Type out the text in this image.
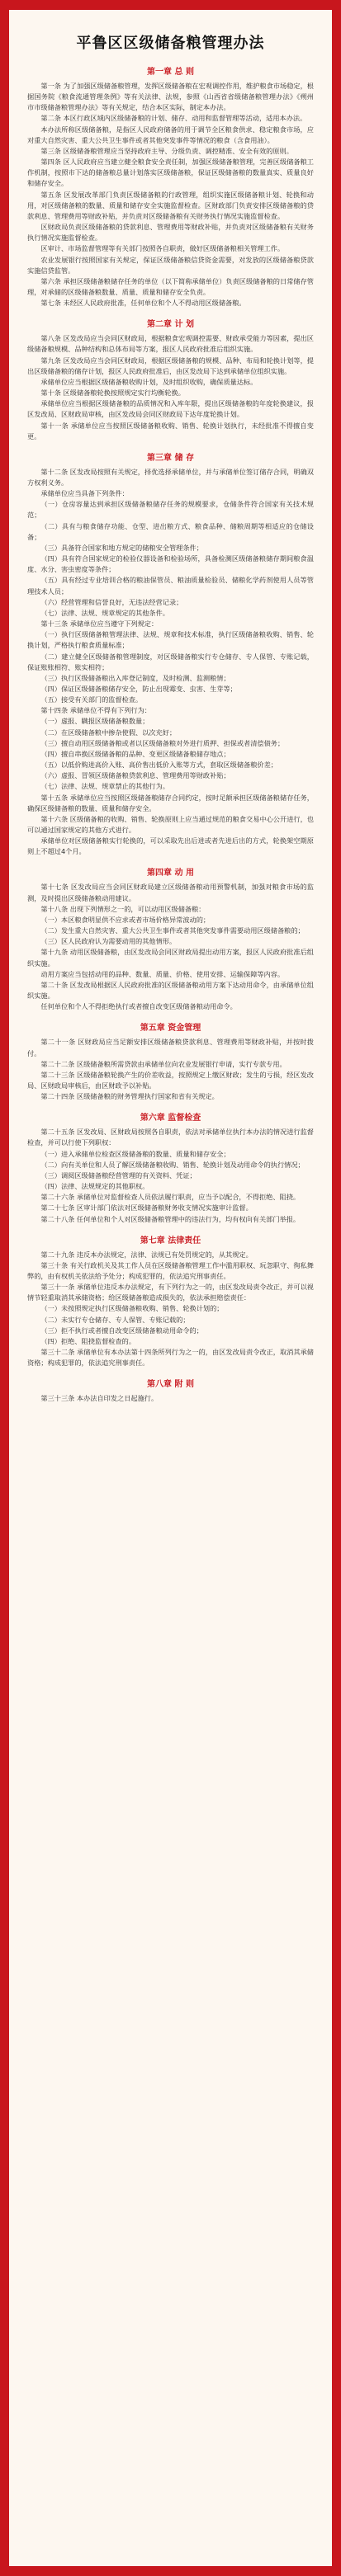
平鲁区区级储备粮管理办法
第一章 总 则

第一条 为了加强区级储备粮管理，发挥区级储备粮在宏观调控作用，维护粮食市场稳定，根据国务院《粮食流通管理条例》等有关法律、法规，参照《山西省省级储备粮管理办法》《朔州市市级储备粮管理办法》等有关规定，结合本区实际，制定本办法。

第二条 本区行政区域内区级储备粮的计划、储存、动用和监督管理等活动，适用本办法。

本办法所称区级储备粮，是指区人民政府储备的用于调节全区粮食供求、稳定粮食市场，应对重大自然灾害、重大公共卫生事件或者其他突发事件等情况的粮食（含食用油）。

第三条 区级储备粮管理应当坚持政府主导、分级负责、调控精准、安全有效的原则。

第四条 区人民政府应当建立健全粮食安全责任制，加强区级储备粮管理，完善区级储备粮工作机制，按照市下达的储备粮总量计划落实区级储备粮，保证区级储备粮的数量真实、质量良好和储存安全。

第五条 区发展改革部门负责区级储备粮的行政管理，组织实施区级储备粮计划、轮换和动用，对区级储备粮的数量、质量和储存安全实施监督检查。区财政部门负责安排区级储备粮的贷款利息、管理费用等财政补贴，并负责对区级储备粮有关财务执行情况实施监督检查。

区财政局负责区级储备粮的贷款利息、管理费用等财政补贴，并负责对区级储备粮有关财务执行情况实施监督检查。

区审计、市场监督管理等有关部门按照各自职责，做好区级储备粮相关管理工作。

农业发展银行按照国家有关规定，保证区级储备粮信贷资金需要，对发放的区级储备粮贷款实施信贷监管。

第六条 承担区级储备粮储存任务的单位（以下简称承储单位）负责区级储备粮的日常储存管理，对承储的区级储备粮数量、质量、质量和储存安全负责。

第七条 未经区人民政府批准，任何单位和个人不得动用区级储备粮。

第二章 计 划

第八条 区发改局应当会同区财政局，根据粮食宏观调控需要、财政承受能力等因素，提出区级储备粮规模、品种结构和总体布局等方案，报区人民政府批准后组织实施。

第九条 区发改局应当会同区财政局，根据区级储备粮的规模、品种、布局和轮换计划等，提出区级储备粮的储存计划，报区人民政府批准后，由区发改局下达到承储单位组织实施。

承储单位应当根据区级储备粮收购计划，及时组织收购，确保质量达标。

第十条 区级储备粮轮换按照规定实行均衡轮换。

承储单位应当根据区级储备粮的品质情况和入库年限，提出区级储备粮的年度轮换建议，报区发改局、区财政局审核，由区发改局会同区财政局下达年度轮换计划。

第十一条 承储单位应当按照区级储备粮收购、销售、轮换计划执行，未经批准不得擅自变更。

第三章 储 存

第十二条 区发改局按照有关规定，择优选择承储单位，并与承储单位签订储存合同，明确双方权利义务。

承储单位应当具备下列条件：

（一）仓房容量达到承担区级储备粮储存任务的规模要求，仓储条件符合国家有关技术规范；

（二）具有与粮食储存功能、仓型、进出粮方式、粮食品种、储粮周期等相适应的仓储设备；

（三）具备符合国家和地方规定的储粮安全管理条件；

（四）具有符合国家规定的检验仪器设备和检验场所，具备检测区级储备粮储存期间粮食温度、水分、害虫密度等条件；

（五）具有经过专业培训合格的粮油保管员、粮油质量检验员、储粮化学药剂使用人员等管理技术人员；

（六）经营管理和信誉良好，无违法经营记录；

（七）法律、法规、规章规定的其他条件。

第十三条 承储单位应当遵守下列规定：

（一）执行区级储备粮管理法律、法规、规章和技术标准，执行区级储备粮收购、销售、轮换计划，严格执行粮食质量标准；

（二）建立健全区级储备粮管理制度，对区级储备粮实行专仓储存、专人保管、专账记载，保证账账相符、账实相符；

（三）执行区级储备粮出入库登记制度，及时检测、监测粮情；

（四）保证区级储备粮储存安全，防止出现霉变、虫害、生芽等；

（五）接受有关部门的监督检查。

第十四条 承储单位不得有下列行为：

（一）虚报、瞒报区级储备粮数量；

（二）在区级储备粮中掺杂使假、以次充好；

（三）擅自动用区级储备粮或者以区级储备粮对外进行质押、担保或者清偿债务；

（四）擅自串换区级储备粮的品种、变更区级储备粮储存地点；

（五）以低价购进高价入账、高价售出低价入账等方式，套取区级储备粮价差；

（六）虚报、冒领区级储备粮贷款利息、管理费用等财政补贴；

（七）法律、法规、规章禁止的其他行为。

第十五条 承储单位应当按照区级储备粮储存合同约定，按时足额承担区级储备粮储存任务，确保区级储备粮的数量、质量和储存安全。

第十六条 区级储备粮的收购、销售、轮换原则上应当通过规范的粮食交易中心公开进行，也可以通过国家规定的其他方式进行。

承储单位对区级储备粮实行轮换的，可以采取先出后进或者先进后出的方式，轮换架空期原则上不超过4个月。

第四章 动 用

第十七条 区发改局应当会同区财政局建立区级储备粮动用预警机制，加强对粮食市场的监测，及时提出区级储备粮动用建议。

第十八条 出现下列情形之一的，可以动用区级储备粮：

（一）本区粮食明显供不应求或者市场价格异常波动的；

（二）发生重大自然灾害、重大公共卫生事件或者其他突发事件需要动用区级储备粮的；

（三）区人民政府认为需要动用的其他情形。

第十九条 动用区级储备粮，由区发改局会同区财政局提出动用方案，报区人民政府批准后组织实施。

动用方案应当包括动用的品种、数量、质量、价格、使用安排、运输保障等内容。

第二十条 区发改局根据区人民政府批准的区级储备粮动用方案下达动用命令，由承储单位组织实施。

任何单位和个人不得拒绝执行或者擅自改变区级储备粮动用命令。

第五章 资金管理

第二十一条 区财政局应当足额安排区级储备粮贷款利息、管理费用等财政补贴，并按时拨付。

第二十二条 区级储备粮所需贷款由承储单位向农业发展银行申请，实行专款专用。

第二十三条 区级储备粮轮换产生的价差收益，按照规定上缴区财政；发生的亏损，经区发改局、区财政局审核后，由区财政予以补贴。

第二十四条 区级储备粮的财务管理执行国家和省有关规定。

第六章 监督检查

第二十五条 区发改局、区财政局按照各自职责，依法对承储单位执行本办法的情况进行监督检查，并可以行使下列职权：

（一）进入承储单位检查区级储备粮的数量、质量和储存安全；

（二）向有关单位和人员了解区级储备粮收购、销售、轮换计划及动用命令的执行情况；

（三）调阅区级储备粮经营管理的有关资料、凭证；

（四）法律、法规规定的其他职权。

第二十六条 承储单位对监督检查人员依法履行职责，应当予以配合，不得拒绝、阻挠。

第二十七条 区审计部门依法对区级储备粮财务收支情况实施审计监督。

第二十八条 任何单位和个人对区级储备粮管理中的违法行为，均有权向有关部门举报。

第七章 法律责任

第二十九条 违反本办法规定，法律、法规已有处罚规定的，从其规定。

第三十条 有关行政机关及其工作人员在区级储备粮管理工作中滥用职权、玩忽职守、徇私舞弊的，由有权机关依法给予处分；构成犯罪的，依法追究刑事责任。

第三十一条 承储单位违反本办法规定，有下列行为之一的，由区发改局责令改正，并可以视情节轻重取消其承储资格；给区级储备粮造成损失的，依法承担赔偿责任：

（一）未按照规定执行区级储备粮收购、销售、轮换计划的；

（二）未实行专仓储存、专人保管、专账记载的；

（三）拒不执行或者擅自改变区级储备粮动用命令的；

（四）拒绝、阻挠监督检查的。

第三十二条 承储单位有本办法第十四条所列行为之一的，由区发改局责令改正，取消其承储资格；构成犯罪的，依法追究刑事责任。

第八章 附 则

第三十三条 本办法自印发之日起施行。
